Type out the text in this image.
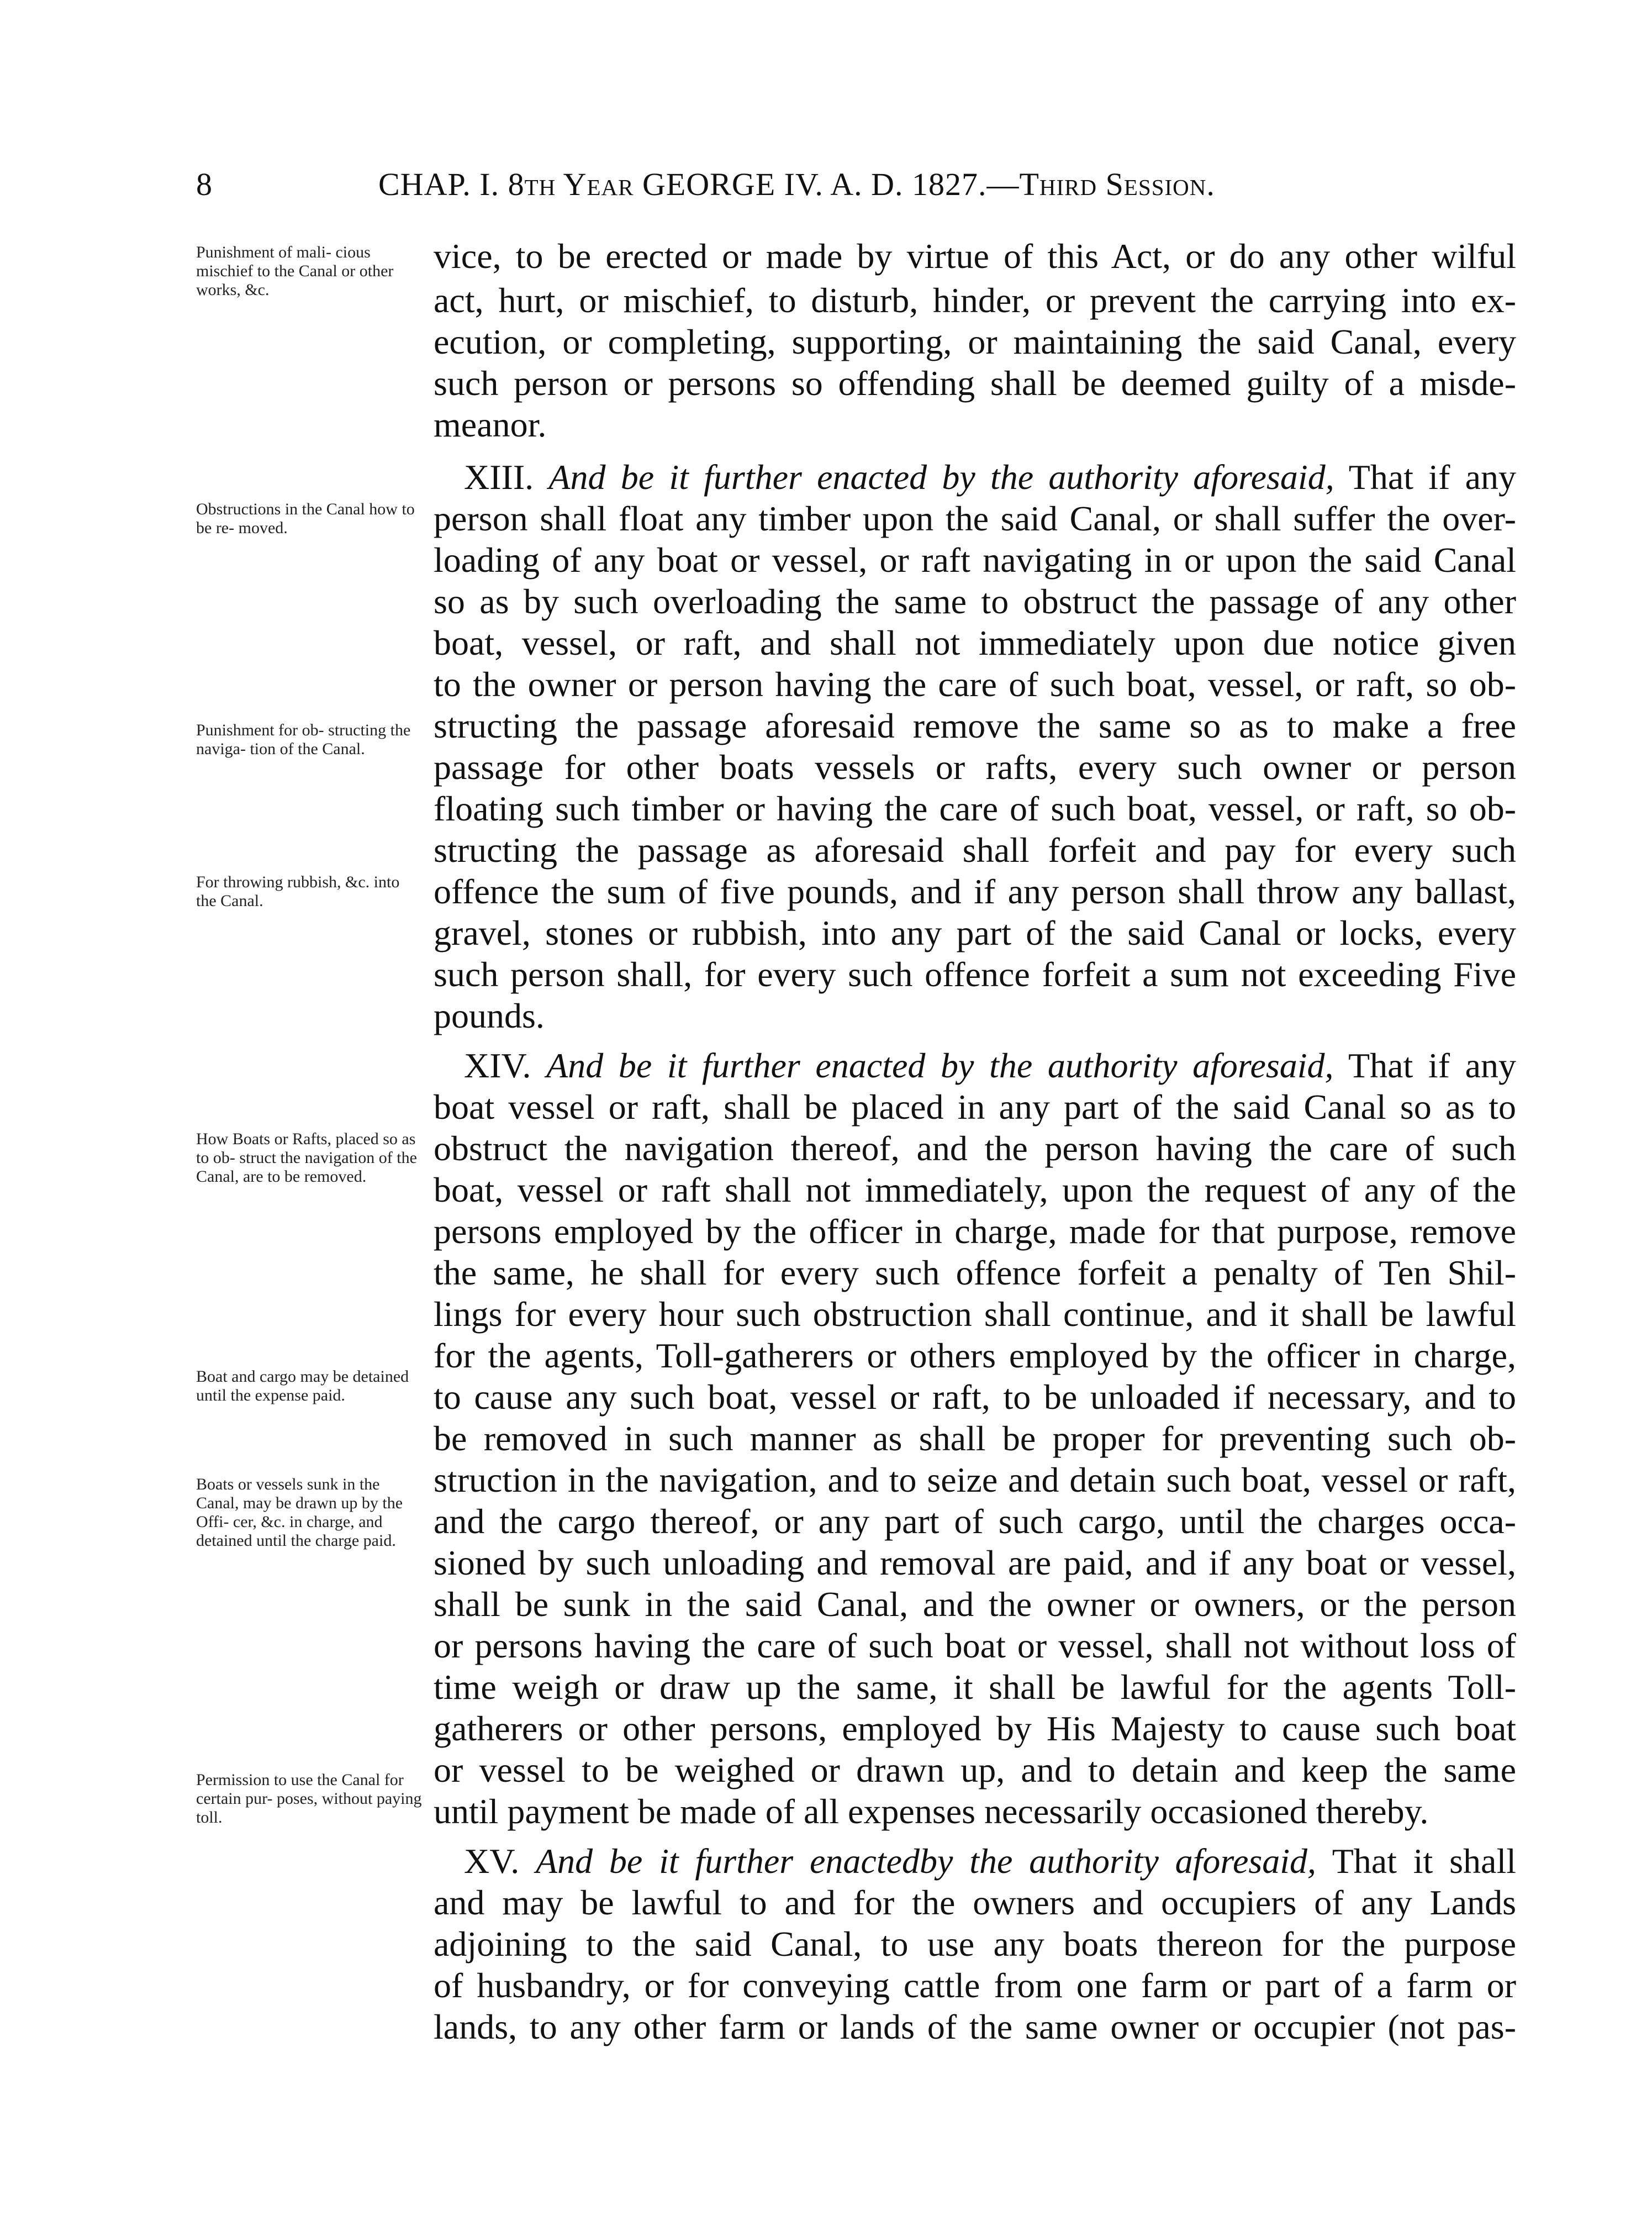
8	CHAP. I. 8th Year GEORGE IV. A. D. 1827.—Third Session.
Punishment of mali- cious mischief to the Canal or other works, &c.
Obstructions in the Canal how to be re- moved.
Punishment for ob- structing the naviga- tion of the Canal.
For throwing rubbish, &c. into the Canal.
How Boats or Rafts, placed so as to ob- struct the navigation of the Canal, are to be removed.
Boat and cargo may be detained until the expense paid.
Boats or vessels sunk in the Canal, may be drawn up by the Offi- cer, &c. in charge, and detained until the charge paid.
Permission to use the Canal for certain pur- poses, without paying toll.
vice, to be erected or made by virtue of this Act, or do any other wilful
act, hurt, or mischief, to disturb, hinder, or prevent the carrying into ex-
ecution, or completing, supporting, or maintaining the said Canal, every
such person or persons so offending shall be deemed guilty of a misde-
meanor.
XIII. And be it further enacted by the authority aforesaid, That if any
person shall float any timber upon the said Canal, or shall suffer the over-
loading of any boat or vessel, or raft navigating in or upon the said Canal
so as by such overloading the same to obstruct the passage of any other
boat, vessel, or raft, and shall not immediately upon due notice given
to the owner or person having the care of such boat, vessel, or raft, so ob-
structing the passage aforesaid remove the same so as to make a free
passage for other boats vessels or rafts, every such owner or person
floating such timber or having the care of such boat, vessel, or raft, so ob-
structing the passage as aforesaid shall forfeit and pay for every such
offence the sum of five pounds, and if any person shall throw any ballast,
gravel, stones or rubbish, into any part of the said Canal or locks, every
such person shall, for every such offence forfeit a sum not exceeding Five
pounds.
XIV. And be it further enacted by the authority aforesaid, That if any
boat vessel or raft, shall be placed in any part of the said Canal so as to
obstruct the navigation thereof, and the person having the care of such
boat, vessel or raft shall not immediately, upon the request of any of the
persons employed by the officer in charge, made for that purpose, remove
the same, he shall for every such offence forfeit a penalty of Ten Shil-
lings for every hour such obstruction shall continue, and it shall be lawful
for the agents, Toll-gatherers or others employed by the officer in charge,
to cause any such boat, vessel or raft, to be unloaded if necessary, and to
be removed in such manner as shall be proper for preventing such ob-
struction in the navigation, and to seize and detain such boat, vessel or raft,
and the cargo thereof, or any part of such cargo, until the charges occa-
sioned by such unloading and removal are paid, and if any boat or vessel,
shall be sunk in the said Canal, and the owner or owners, or the person
or persons having the care of such boat or vessel, shall not without loss of
time weigh or draw up the same, it shall be lawful for the agents Toll-
gatherers or other persons, employed by His Majesty to cause such boat
or vessel to be weighed or drawn up, and to detain and keep the same
until payment be made of all expenses necessarily occasioned thereby.
XV. And be it further enactedby the authority aforesaid, That it shall
and may be lawful to and for the owners and occupiers of any Lands
adjoining to the said Canal, to use any boats thereon for the purpose
of husbandry, or for conveying cattle from one farm or part of a farm or
lands, to any other farm or lands of the same owner or occupier (not pas-
